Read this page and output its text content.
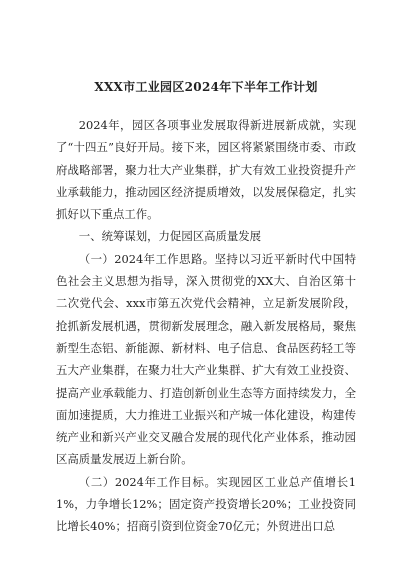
XXX市工业园区2024年下半年工作计划

2024年，园区各项事业发展取得新进展新成就，实现了“十四五”良好开局。接下来，园区将紧紧围绕市委、市政府战略部署，聚力壮大产业集群，扩大有效工业投资提升产业承载能力，推动园区经济提质增效，以发展保稳定，扎实抓好以下重点工作。

一、统筹谋划，力促园区高质量发展

（一）2024年工作思路。坚持以习近平新时代中国特色社会主义思想为指导，深入贯彻党的XX大、自治区第十二次党代会、xxx市第五次党代会精神，立足新发展阶段，抢抓新发展机遇，贯彻新发展理念，融入新发展格局，聚焦新型生态铝、新能源、新材料、电子信息、食品医药轻工等五大产业集群，在聚力壮大产业集群、扩大有效工业投资、提高产业承载能力、打造创新创业生态等方面持续发力，全面加速提质，大力推进工业振兴和产城一体化建设，构建传统产业和新兴产业交叉融合发展的现代化产业体系，推动园区高质量发展迈上新台阶。

（二）2024年工作目标。实现园区工业总产值增长11%，力争增长12%；固定资产投资增长20%；工业投资同比增长40%；招商引资到位资金70亿元；外贸进出口总
